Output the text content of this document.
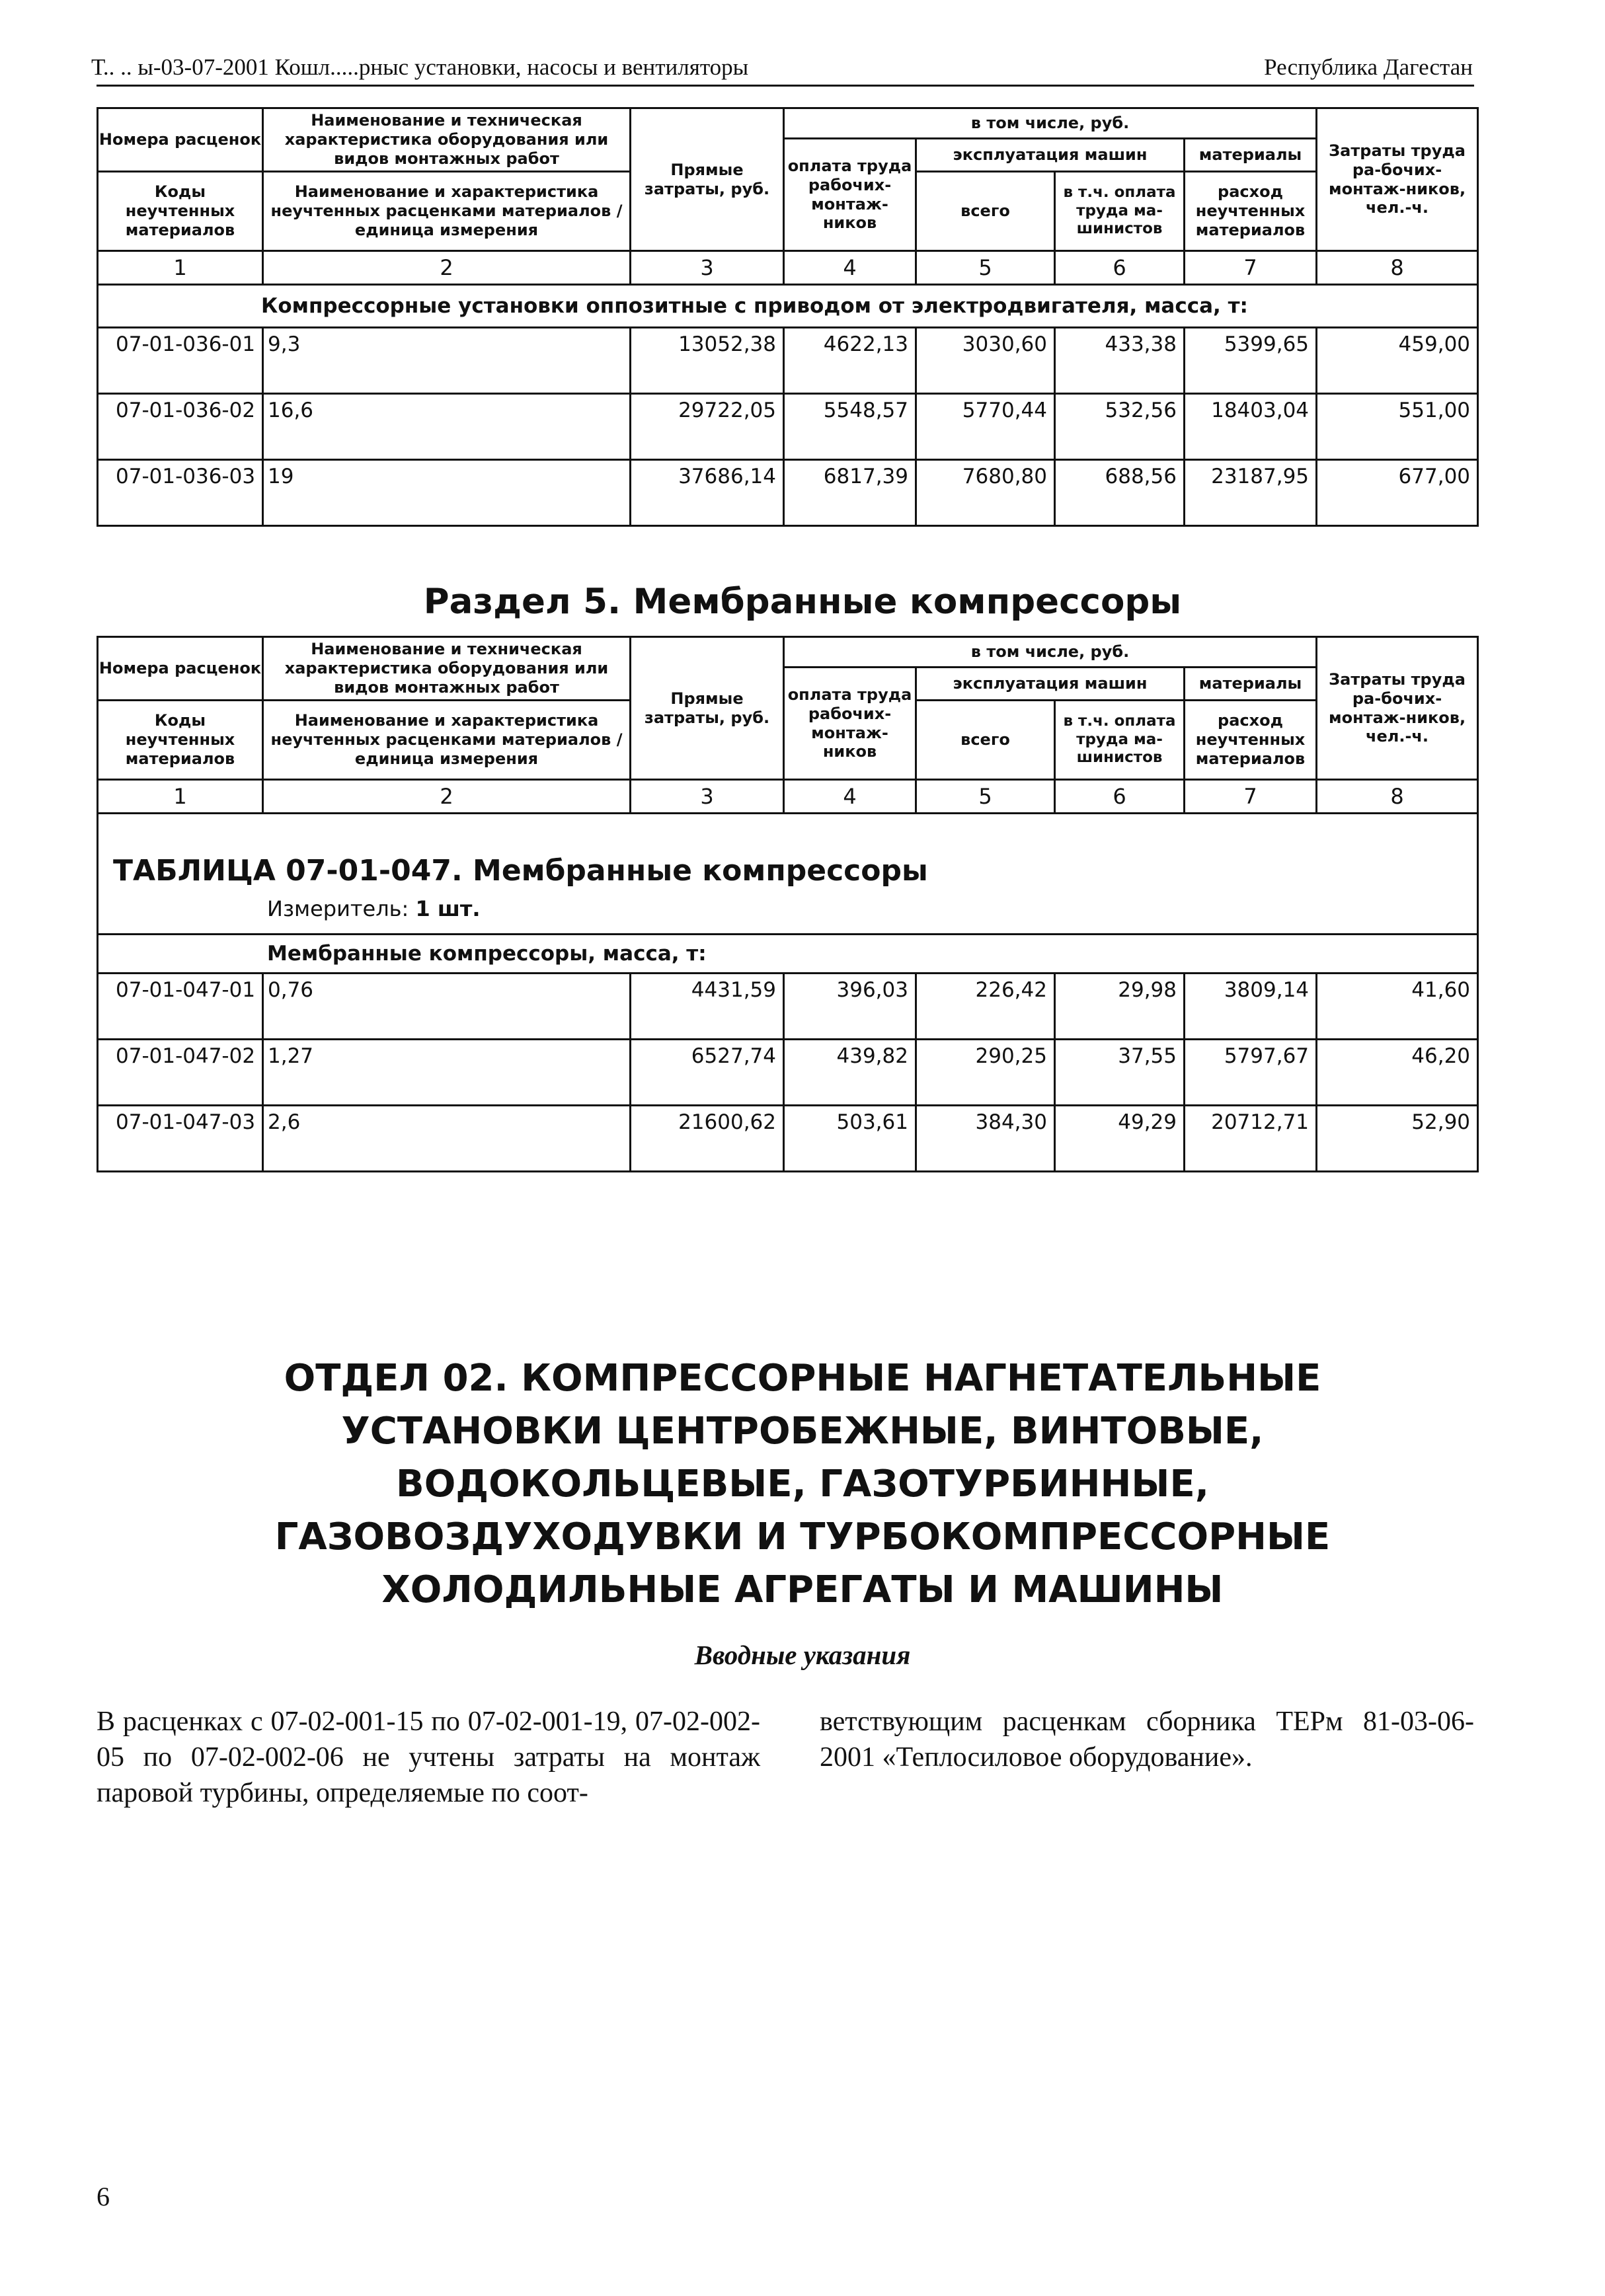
Т.. .. ы-03-07-2001 Кошл.....рныс установки, насосы и вентиляторы	Республика Дагестан
Номера расценок	Наименование и техническая характеристика оборудования или видов монтажных работ	Прямые затраты, руб.	в том числе, руб.				Затраты труда ра-бочих-монтаж-ников, чел.-ч.
			оплата труда рабочих-монтаж-ников	эксплуатация машин		материалы	
Коды неучтенных материалов	Наименование и характеристика неучтенных расценками материалов / единица измерения			всего	в т.ч. оплата труда ма-шинистов	расход неучтенных материалов	

1	2	3	4	5	6	7	8
Компрессорные установки оппозитные с приводом от электродвигателя, масса, т:							
07-01-036-01	9,3	13052,38	4622,13	3030,60	433,38	5399,65	459,00
07-01-036-02	16,6	29722,05	5548,57	5770,44	532,56	18403,04	551,00
07-01-036-03	19	37686,14	6817,39	7680,80	688,56	23187,95	677,00
Раздел 5. Мембранные компрессоры
Номера расценок	Наименование и техническая характеристика оборудования или видов монтажных работ	Прямые затраты, руб.	в том числе, руб.				Затраты труда ра-бочих-монтаж-ников, чел.-ч.
			оплата труда рабочих-монтаж-ников	эксплуатация машин		материалы	
Коды неучтенных материалов	Наименование и характеристика неучтенных расценками материалов / единица измерения			всего	в т.ч. оплата труда ма-шинистов	расход неучтенных материалов	

1	2	3	4	5	6	7	8

ТАБЛИЦА 07-01-047. Мембранные компрессоры
Измеритель: 1 шт.							

Мембранные компрессоры, масса, т:							
07-01-047-01	0,76	4431,59	396,03	226,42	29,98	3809,14	41,60
07-01-047-02	1,27	6527,74	439,82	290,25	37,55	5797,67	46,20
07-01-047-03	2,6	21600,62	503,61	384,30	49,29	20712,71	52,90
ОТДЕЛ 02. КОМПРЕССОРНЫЕ НАГНЕТАТЕЛЬНЫЕ
УСТАНОВКИ ЦЕНТРОБЕЖНЫЕ, ВИНТОВЫЕ,
ВОДОКОЛЬЦЕВЫЕ, ГАЗОТУРБИННЫЕ,
ГАЗОВОЗДУХОДУВКИ И ТУРБОКОМПРЕССОРНЫЕ
ХОЛОДИЛЬНЫЕ АГРЕГАТЫ И МАШИНЫ
Вводные указания
В расценках с 07-02-001-15 по 07-02-001-19, 07-02-002-05 по 07-02-002-06 не учтены затраты на монтаж паровой турбины, определяемые по соот-
ветствующим расценкам сборника ТЕРм 81-03-06-2001 «Теплосиловое оборудование».
6
